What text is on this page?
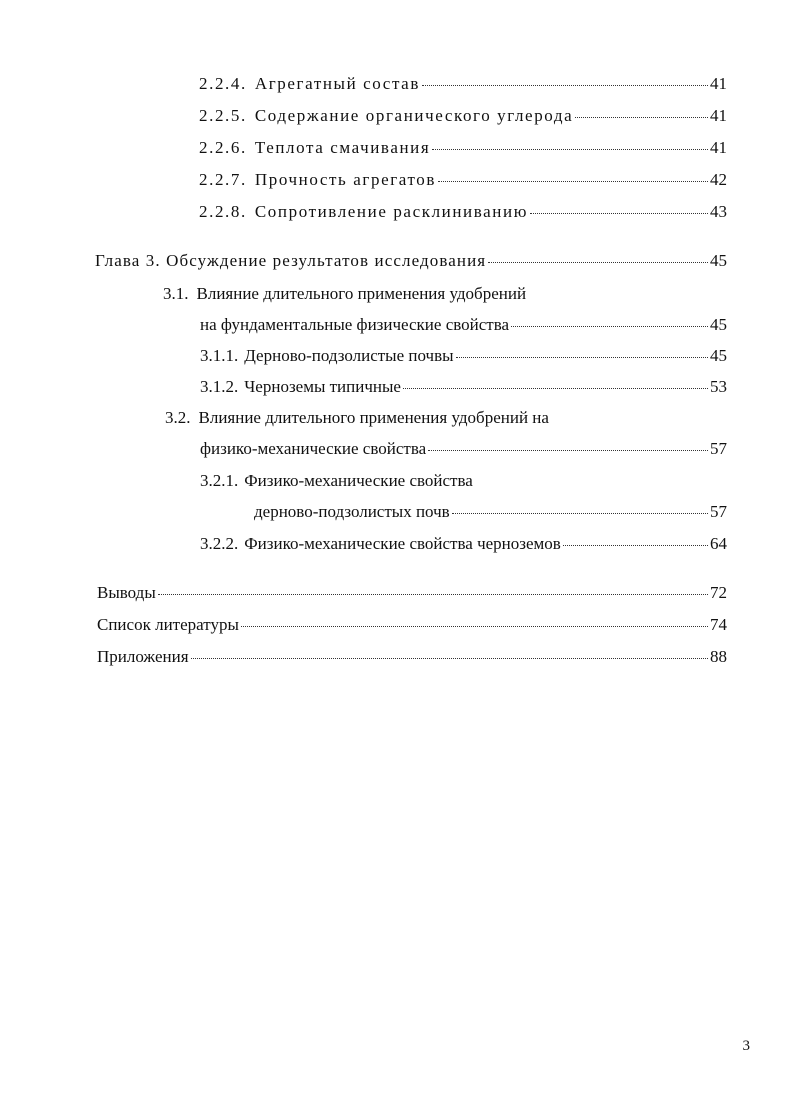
2.2.4. Агрегатный состав	41
2.2.5. Содержание органического углерода	41
2.2.6. Теплота смачивания	41
2.2.7. Прочность агрегатов	42
2.2.8. Сопротивление расклиниванию	43
Глава 3. Обсуждение результатов исследования	45
3.1. Влияние длительного применения удобрений
на фундаментальные физические свойства	45
3.1.1. Дерново-подзолистые почвы	45
3.1.2. Черноземы типичные	53
3.2. Влияние длительного применения удобрений на
физико-механические свойства	57
3.2.1. Физико-механические свойства
дерново-подзолистых почв	57
3.2.2. Физико-механические свойства черноземов	64
Выводы	72
Список литературы	74
Приложения	88
3
